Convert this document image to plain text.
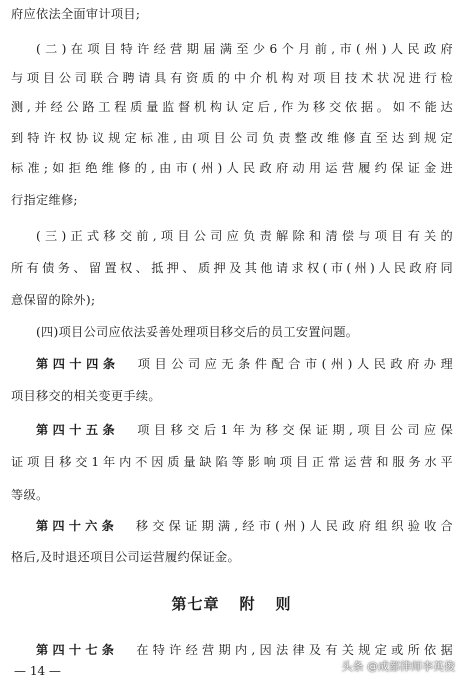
府应依法全面审计项目;
(二)在项目特许经营期届满至少6个月前,市(州)人民政府
与项目公司联合聘请具有资质的中介机构对项目技术状况进行检
测,并经公路工程质量监督机构认定后,作为移交依据。如不能达
到特许权协议规定标准,由项目公司负责整改维修直至达到规定
标准;如拒绝维修的,由市(州)人民政府动用运营履约保证金进
行指定维修;
(三)正式移交前,项目公司应负责解除和清偿与项目有关的
所有债务、留置权、抵押、质押及其他请求权(市(州)人民政府同
意保留的除外);
(四)项目公司应依法妥善处理项目移交后的员工安置问题。
第四十四条 项目公司应无条件配合市(州)人民政府办理
项目移交的相关变更手续。
第四十五条 项目移交后1年为移交保证期,项目公司应保
证项目移交1年内不因质量缺陷等影响项目正常运营和服务水平
等级。
第四十六条 移交保证期满,经市(州)人民政府组织验收合
格后,及时退还项目公司运营履约保证金。
第七章 附 则
第四十七条 在特许经营期内,因法律及有关规定或所依据
— 14 —	头条 @成都律师李英俊
